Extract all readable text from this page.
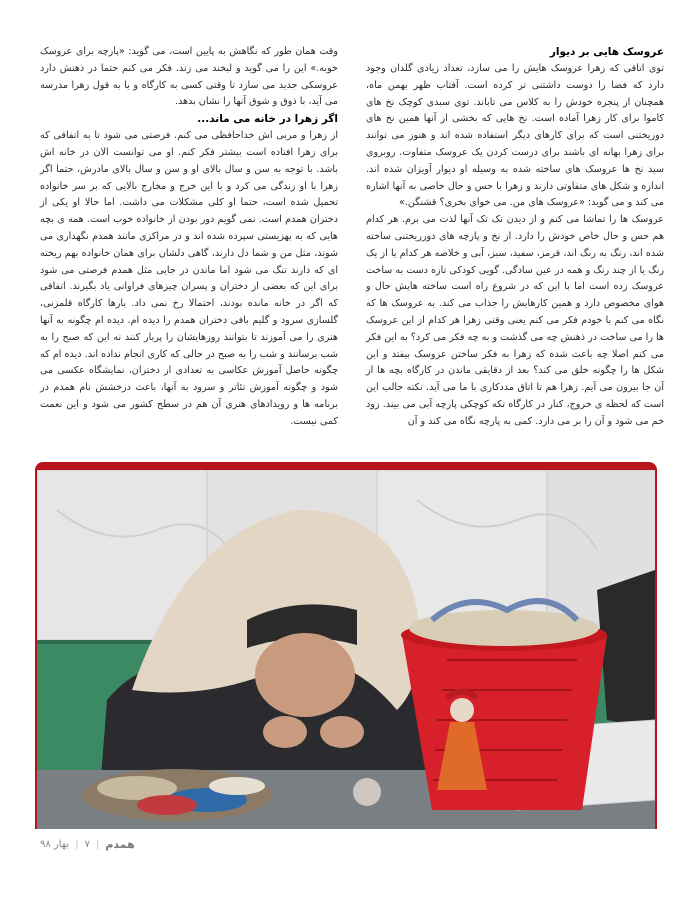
عروسک هایی بر دیوار

توی اتاقی که زهرا عروسک هایش را می سازد، تعداد زیادی گلدان وجود دارد که فضا را دوست داشتنی تر کرده است. آفتاب ظهر بهمن ماه، همچنان از پنجره خودش را به کلاس می تاباند. توی سبدی کوچک نخ های کاموا برای کار زهرا آماده است. نخ هایی که بخشی از آنها همین نخ های دوریختنی است که برای کارهای دیگر استفاده شده اند و هنوز می توانند برای زهرا بهانه ای باشند برای درست کردن یک عروسک متفاوت. روبروی سید نخ ها عروسک های ساخته شده به وسیله او دیوار آویزان شده اند. اندازه و شکل های متفاوتی دارند و زهرا با حس و حال خاصی به آنها اشاره می کند و می گوید: «عروسک های من. می خوای بخری؟ قشنگن.»

عروسک ها را تماشا می کنم و از دیدن تک تک آنها لذت می برم. هر کدام هم حس و حال خاص خودش را دارد. از نخ و پارچه های دورریختنی ساخته شده اند، رنگ به رنگ اند، قرمز، سفید، سبز، آبی و خلاصه هر کدام یا از یک رنگ یا از چند رنگ و همه در عین سادگی. گویی کودکی تازه دست به ساخت عروسک زده است اما با این که در شروع راه است ساخته هایش حال و هوای مخصوص دارد و همین کارهایش را جذاب می کند. به عروسک ها که نگاه می کنم با خودم فکر می کنم یعنی وقتی زهرا هر کدام از این عروسک ها را می ساخت در ذهنش چه می گذشت و به چه فکر می کرد؟ به این فکر می کنم اصلا چه باعث شده که زهرا به فکر ساختن عروسک بیفتد و این شکل ها را چگونه خلق می کند؟ بعد از دقایقی ماندن در کارگاه بچه ها از آن جا بیرون می آیم. زهرا هم تا اتاق مددکاری با ما می آید. نکته جالب این است که لحظه ی خروج، کنار در کارگاه تکه کوچکی پارچه آبی می بیند. زود خم می شود و آن را بر می دارد. کمی به پارچه نگاه می کند و آن

وقت همان طور که نگاهش به پایین است، می گوید: «پارچه برای عروسک خوبه.» این را می گوید و لبخند می زند. فکر می کنم حتما در ذهنش دارد عروسکی جدید می سازد تا وقتی کسی به کارگاه و یا به قول زهرا مدرسه می آید، با ذوق و شوق آنها را نشان بدهد.

اگر زهرا در خانه می ماند...

از زهرا و مربی اش خداحافظی می کنم. فرصتی می شود تا به اتفاقی که برای زهرا افتاده است بیشتر فکر کنم. او می توانست الان در خانه اش باشد. با توجه به سن و سال بالای او و سن و سال بالای مادرش، حتما اگر زهرا با او زندگی می کرد و با این خرج و مخارج بالایی که بر سر خانواده تحمیل شده است، حتما او کلی مشکلات می داشت. اما حالا او یکی از دختران همدم است. نمی گویم دور بودن از خانواده خوب است. همه ی بچه هایی که به بهزیستی سپرده شده اند و در مراکزی مانند همدم نگهداری می شوند، مثل من و شما دل دارند، گاهی دلشان برای همان خانواده بهم ریخته ای که دارند تنگ می شود اما ماندن در جایی مثل همدم فرصتی می شود برای این که بعضی از دختران و پسران چیزهای فراوانی یاد بگیرند. اتفاقی که اگر در خانه مانده بودند، احتمالا رخ نمی داد. بارها کارگاه قلمزنی، گلسازی سرود و گلیم بافی دختران همدم را دیده ام. دیده ام چگونه به آنها هنری را می آموزند تا بتوانند روزهایشان را پربار کنند نه این که صبح را به شب برسانند و شب را به صبح در حالی که کاری انجام نداده اند. دیده ام که چگونه حاصل آموزش عکاسی به تعدادی از دختران، نمایشگاه عکسی می شود و چگونه آموزش تئاتر و سرود به آنها، باعث درخشش نام همدم در برنامه ها و رویدادهای هنری آن هم در سطح کشور می شود و این نعمت کمی نیست.

همدم
|
۷
|
بهار ۹۸
